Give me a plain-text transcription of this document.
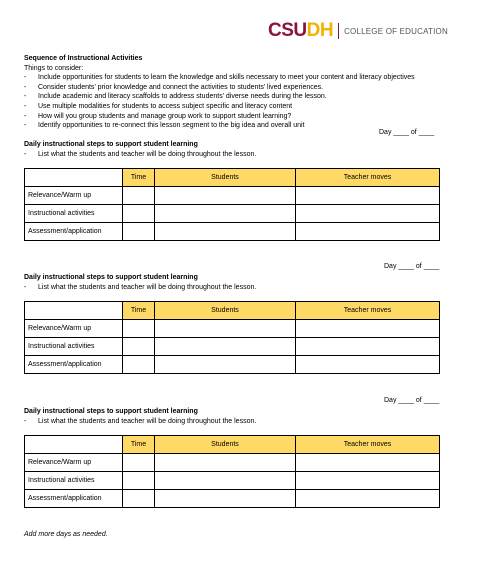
CSU DH COLLEGE OF EDUCATION
Sequence of Instructional Activities
Things to consider:
-	Include opportunities for students to learn the knowledge and skills necessary to meet your content and literacy objectives
-	Consider students’ prior knowledge and connect the activities to students’ lived experiences.
-	Include academic and literacy scaffolds to address students’ diverse needs during the lesson.
-	Use multiple modalities for students to access subject specific and literacy content
-	How will you group students and manage group work to support student learning?
-	Identify opportunities to re-connect this lesson segment to the big idea and overall unit
Day ____ of ____
Daily instructional steps to support student learning
-	List what the students and teacher will be doing throughout the lesson.
	Time	Students	Teacher moves
Relevance/Warm up			
Instructional activities			
Assessment/application			
Day ____ of ____
Daily instructional steps to support student learning
-	List what the students and teacher will be doing throughout the lesson.
	Time	Students	Teacher moves
Relevance/Warm up			
Instructional activities			
Assessment/application			
Day ____ of ____
Daily instructional steps to support student learning
-	List what the students and teacher will be doing throughout the lesson.
	Time	Students	Teacher moves
Relevance/Warm up			
Instructional activities			
Assessment/application			
Add more days as needed.
